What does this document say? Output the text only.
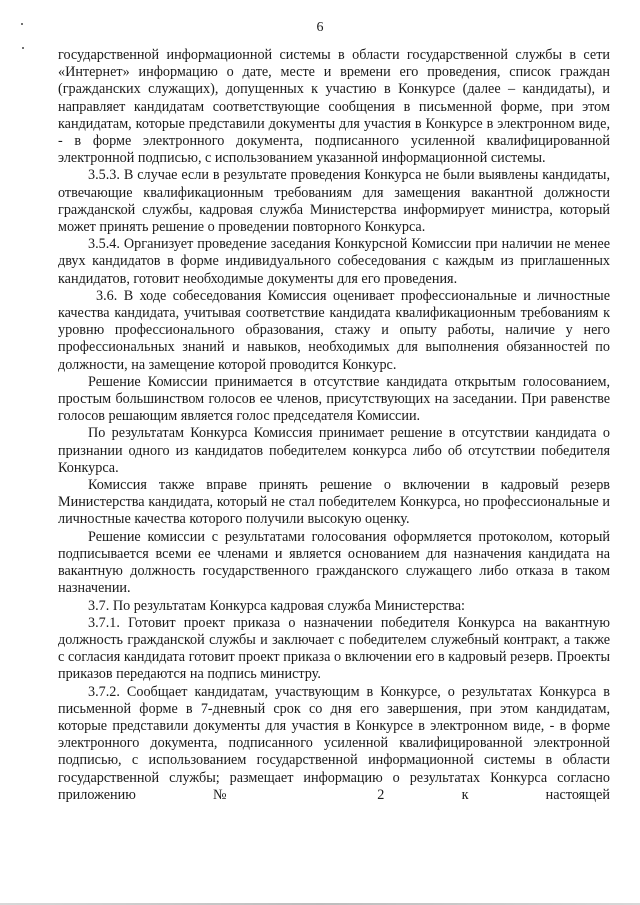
6

государственной информационной системы в области государственной службы в сети «Интернет» информацию о дате, месте и времени его проведения, список граждан (гражданских служащих), допущенных к участию в Конкурсе (далее – кандидаты), и направляет кандидатам соответствующие сообщения в письменной форме, при этом кандидатам, которые представили документы для участия в Конкурсе в электронном виде, - в форме электронного документа, подписанного усиленной квалифицированной электронной подписью, с использованием указанной информационной системы.

3.5.3. В случае если в результате проведения Конкурса не были выявлены кандидаты, отвечающие квалификационным требованиям для замещения вакантной должности гражданской службы, кадровая служба Министерства информирует министра, который может принять решение о проведении повторного Конкурса.

3.5.4. Организует проведение заседания Конкурсной Комиссии при наличии не менее двух кандидатов в форме индивидуального собеседования с каждым из приглашенных кандидатов, готовит необходимые документы для его проведения.

3.6. В ходе собеседования Комиссия оценивает профессиональные и личностные качества кандидата, учитывая соответствие кандидата квалификационным требованиям к уровню профессионального образования, стажу и опыту работы, наличие у него профессиональных знаний и навыков, необходимых для выполнения обязанностей по должности, на замещение которой проводится Конкурс.

Решение Комиссии принимается в отсутствие кандидата открытым голосованием, простым большинством голосов ее членов, присутствующих на заседании. При равенстве голосов решающим является голос председателя Комиссии.

По результатам Конкурса Комиссия принимает решение в отсутствии кандидата о признании одного из кандидатов победителем конкурса либо об отсутствии победителя Конкурса.

Комиссия также вправе принять решение о включении в кадровый резерв Министерства кандидата, который не стал победителем Конкурса, но профессиональные и личностные качества которого получили высокую оценку.

Решение комиссии с результатами голосования оформляется протоколом, который подписывается всеми ее членами и является основанием для назначения кандидата на вакантную должность государственного гражданского служащего либо отказа в таком назначении.

3.7. По результатам Конкурса кадровая служба Министерства:

3.7.1. Готовит проект приказа о назначении победителя Конкурса на вакантную должность гражданской службы и заключает с победителем служебный контракт, а также с согласия кандидата готовит проект приказа о включении его в кадровый резерв. Проекты приказов передаются на подпись министру.

3.7.2. Сообщает кандидатам, участвующим в Конкурсе, о результатах Конкурса в письменной форме в 7-дневный срок со дня его завершения, при этом кандидатам, которые представили документы для участия в Конкурсе в электронном виде, - в форме электронного документа, подписанного усиленной квалифицированной электронной подписью, с использованием государственной информационной системы в области государственной службы; размещает информацию о результатах Конкурса согласно приложению № 2 к настоящей
